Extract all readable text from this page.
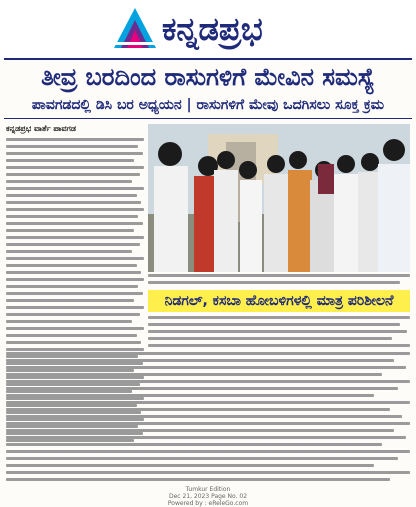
ಕನ್ನಡಪ್ರಭ
ತೀವ್ರ ಬರದಿಂದ ರಾಸುಗಳಿಗೆ ಮೇವಿನ ಸಮಸ್ಯೆ
ಪಾವಗಡದಲ್ಲಿ ಡಿಸಿ ಬರ ಅಧ್ಯಯನ | ರಾಸುಗಳಿಗೆ ಮೇವು ಒದಗಿಸಲು ಸೂಕ್ತ ಕ್ರಮ
ಕನ್ನಡಪ್ರಭ ವಾರ್ತೆ ಪಾವಗಡ
ನಿಡಗಲ್, ಕಸಬಾ ಹೋಬಳಿಗಳಲ್ಲಿ ಮಾತ್ರ ಪರಿಶೀಲನೆ
Tumkur Edition
Dec 21, 2023 Page No. 02
Powered by : eReleGo.com
